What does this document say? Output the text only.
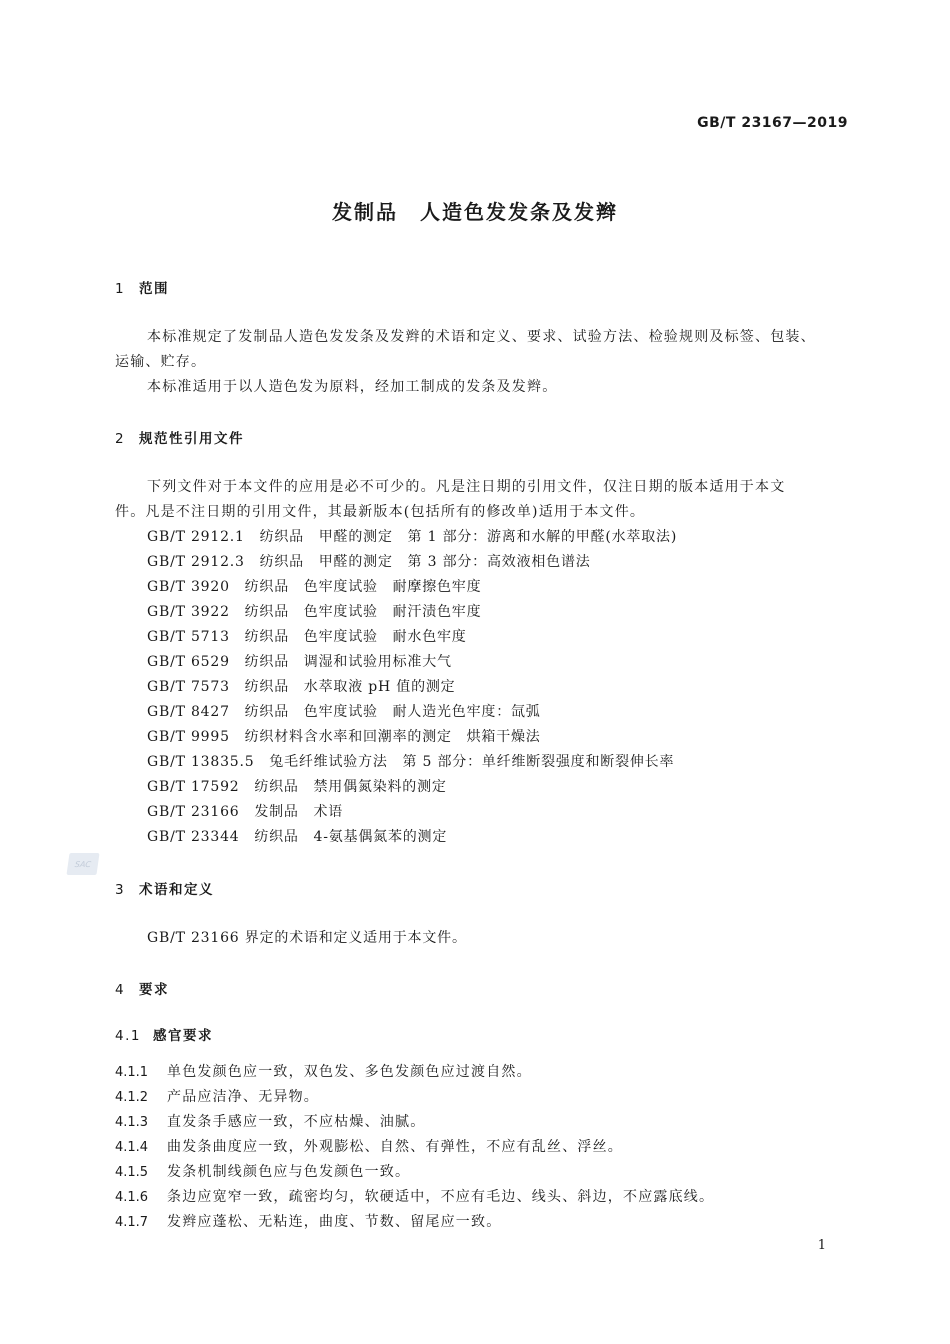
GB/T 23167—2019
发制品　人造色发发条及发辫
1 范围
本标准规定了发制品人造色发发条及发辫的术语和定义、要求、试验方法、检验规则及标签、包装、
运输、贮存。
本标准适用于以人造色发为原料，经加工制成的发条及发辫。
2 规范性引用文件
下列文件对于本文件的应用是必不可少的。凡是注日期的引用文件，仅注日期的版本适用于本文
件。凡是不注日期的引用文件，其最新版本(包括所有的修改单)适用于本文件。
GB/T 2912.1　纺织品　甲醛的测定　第 1 部分：游离和水解的甲醛(水萃取法)
GB/T 2912.3　纺织品　甲醛的测定　第 3 部分：高效液相色谱法
GB/T 3920　纺织品　色牢度试验　耐摩擦色牢度
GB/T 3922　纺织品　色牢度试验　耐汗渍色牢度
GB/T 5713　纺织品　色牢度试验　耐水色牢度
GB/T 6529　纺织品　调湿和试验用标准大气
GB/T 7573　纺织品　水萃取液 pH 值的测定
GB/T 8427　纺织品　色牢度试验　耐人造光色牢度：氙弧
GB/T 9995　纺织材料含水率和回潮率的测定　烘箱干燥法
GB/T 13835.5　兔毛纤维试验方法　第 5 部分：单纤维断裂强度和断裂伸长率
GB/T 17592　纺织品　禁用偶氮染料的测定
GB/T 23166　发制品　术语
GB/T 23344　纺织品　4-氨基偶氮苯的测定
SAC
3 术语和定义
GB/T 23166 界定的术语和定义适用于本文件。
4 要求
4.1 感官要求
4.1.1 单色发颜色应一致，双色发、多色发颜色应过渡自然。
4.1.2 产品应洁净、无异物。
4.1.3 直发条手感应一致，不应枯燥、油腻。
4.1.4 曲发条曲度应一致，外观膨松、自然、有弹性，不应有乱丝、浮丝。
4.1.5 发条机制线颜色应与色发颜色一致。
4.1.6 条边应宽窄一致，疏密均匀，软硬适中，不应有毛边、线头、斜边，不应露底线。
4.1.7 发辫应蓬松、无粘连，曲度、节数、留尾应一致。
1
